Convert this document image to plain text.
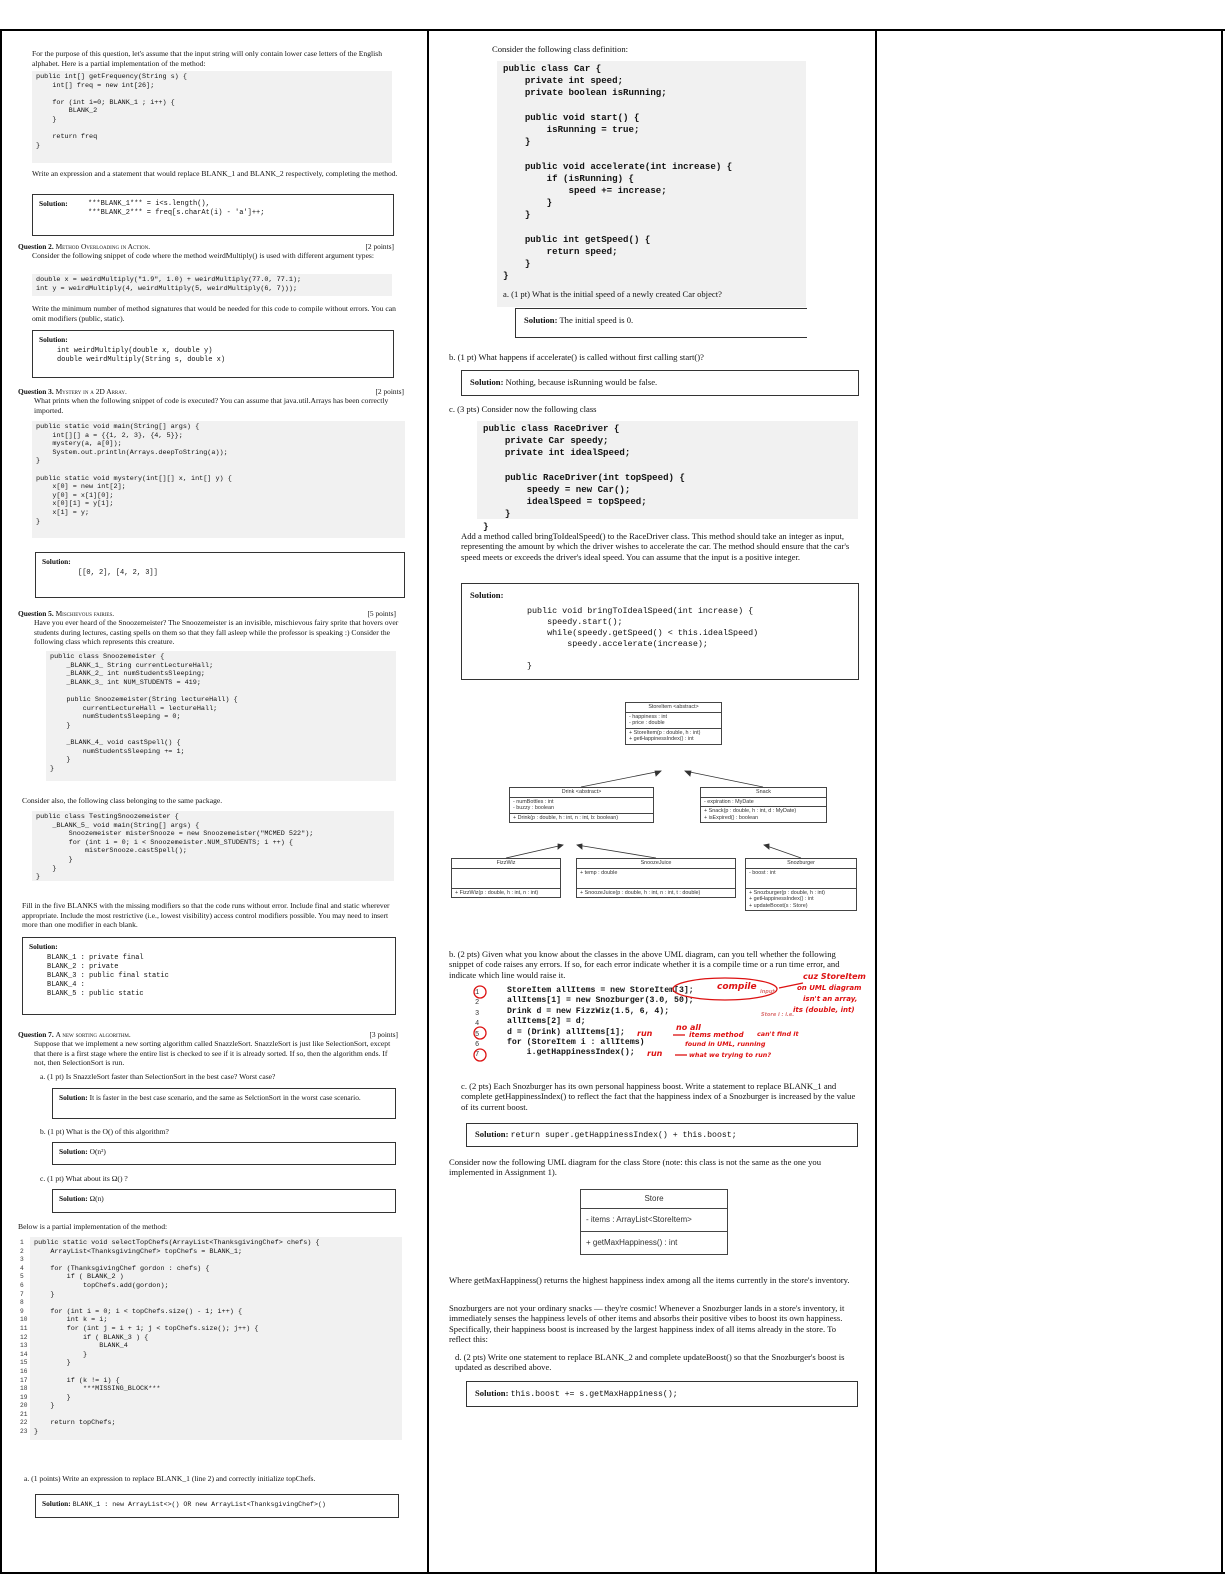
For the purpose of this question, let's assume that the input string will only contain lower case letters of the English alphabet. Here is a partial implementation of the method:
public int[] getFrequency(String s) {
int[] freq = new int[26];

for (int i=0; BLANK_1 ; i++) {
BLANK_2
}

return freq
}
Write an expression and a statement that would replace BLANK_1 and BLANK_2 respectively, completing the method.
Solution:	***BLANK_1*** = i<s.length(),
***BLANK_2*** = freq[s.charAt(i) - 'a']++;
Question 2. Method Overloading in Action.	[2 points]
Consider the following snippet of code where the method weirdMultiply() is used with different argument types:
double x = weirdMultiply("1.9", 1.0) + weirdMultiply(77.0, 77.1);
int y = weirdMultiply(4, weirdMultiply(5, weirdMultiply(6, 7)));
Write the minimum number of method signatures that would be needed for this code to compile without errors. You can omit modifiers (public, static).
Solution:
int weirdMultiply(double x, double y)
double weirdMultiply(String s, double x)
Question 3. Mystery in a 2D Array.	[2 points]
What prints when the following snippet of code is executed? You can assume that java.util.Arrays has been correctly imported.
public static void main(String[] args) {
int[][] a = {{1, 2, 3}, {4, 5}};
mystery(a, a[0]);
System.out.println(Arrays.deepToString(a));
}

public static void mystery(int[][] x, int[] y) {
x[0] = new int[2];
y[0] = x[1][0];
x[0][1] = y[1];
x[1] = y;
}
Solution:
[[0, 2], [4, 2, 3]]
Question 5. Mischievous fairies.	[5 points]
Have you ever heard of the Snoozemeister? The Snoozemeister is an invisible, mischievous fairy sprite that hovers over students during lectures, casting spells on them so that they fall asleep while the professor is speaking :) Consider the following class which represents this creature.
public class Snoozemeister {
_BLANK_1_ String currentLectureHall;
_BLANK_2_ int numStudentsSleeping;
_BLANK_3_ int NUM_STUDENTS = 419;

public Snoozemeister(String lectureHall) {
currentLectureHall = lectureHall;
numStudentsSleeping = 0;
}

_BLANK_4_ void castSpell() {
numStudentsSleeping += 1;
}
}
Consider also, the following class belonging to the same package.
public class TestingSnoozemeister {
_BLANK_5_ void main(String[] args) {
Snoozemeister misterSnooze = new Snoozemeister("MCMED 522");
for (int i = 0; i < Snoozemeister.NUM_STUDENTS; i ++) {
misterSnooze.castSpell();
}
}
}
Fill in the five BLANKS with the missing modifiers so that the code runs without error. Include final and static wherever appropriate. Include the most restrictive (i.e., lowest visibility) access control modifiers possible. You may need to insert more than one modifier in each blank.
Solution:
BLANK_1 : private final
BLANK_2 : private
BLANK_3 : public final static
BLANK_4 :
BLANK_5 : public static
Question 7. A new sorting algorithm.	[3 points]
Suppose that we implement a new sorting algorithm called SnazzleSort. SnazzleSort is just like SelectionSort, except that there is a first stage where the entire list is checked to see if it is already sorted. If so, then the algorithm ends. If not, then SelectionSort is run.
a. (1 pt) Is SnazzleSort faster than SelectionSort in the best case? Worst case?
Solution: It is faster in the best case scenario, and the same as SelctionSort in the worst case scenario.
b. (1 pt) What is the O() of this algorithm?
Solution: O(n²)
c. (1 pt) What about its Ω() ?
Solution: Ω(n)
Below is a partial implementation of the method:
1
2
3
4
5
6
7
8
9
10
11
12
13
14
15
16
17
18
19
20
21
22
23
public static void selectTopChefs(ArrayList<ThanksgivingChef> chefs) {
ArrayList<ThanksgivingChef> topChefs = BLANK_1;

for (ThanksgivingChef gordon : chefs) {
if ( BLANK_2 )
topChefs.add(gordon);
}

for (int i = 0; i < topChefs.size() - 1; i++) {
int k = i;
for (int j = i + 1; j < topChefs.size(); j++) {
if ( BLANK_3 ) {
BLANK_4
}
}

if (k != i) {
***MISSING_BLOCK***
}
}

return topChefs;
}
a. (1 points) Write an expression to replace BLANK_1 (line 2) and correctly initialize topChefs.
Solution: BLANK_1 : new ArrayList<>() OR new ArrayList<ThanksgivingChef>()
Consider the following class definition:
public class Car {
private int speed;
private boolean isRunning;

public void start() {
isRunning = true;
}

public void accelerate(int increase) {
if (isRunning) {
speed += increase;
}
}

public int getSpeed() {
return speed;
}
}
a. (1 pt) What is the initial speed of a newly created Car object?
Solution: The initial speed is 0.
b. (1 pt) What happens if accelerate() is called without first calling start()?
Solution: Nothing, because isRunning would be false.
c. (3 pts) Consider now the following class
public class RaceDriver {
private Car speedy;
private int idealSpeed;

public RaceDriver(int topSpeed) {
speedy = new Car();
idealSpeed = topSpeed;
}
}
Add a method called bringToIdealSpeed() to the RaceDriver class. This method should take an integer as input, representing the amount by which the driver wishes to accelerate the car. The method should ensure that the car's speed meets or exceeds the driver's ideal speed. You can assume that the input is a positive integer.
Solution:
public void bringToIdealSpeed(int increase) {
speedy.start();
while(speedy.getSpeed() < this.idealSpeed)
speedy.accelerate(increase);

}
StoreItem <abstract>
- happiness : int
- price : double
+ StoreItem(p : double, h : int)
+ getHappinessIndex() : int
Drink <abstract>
- numBottles : int
- buzzy : boolean
+ Drink(p : double, h : int, n : int, b: boolean)
Snack
- expiration : MyDate
+ Snack(p : double, h : int, d : MyDate)
+ isExpired() : boolean
FizzWiz
+ FizzWiz(p : double, h : int, n : int)
SnoozeJuice
+ temp : double
+ SnoozeJuice(p : double, h : int, n : int, t : double)
Snozburger
- boost : int
+ Snozburger(p : double, h : int)
+ getHappinessIndex() : int
+ updateBoost(s : Store)
b. (2 pts) Given what you know about the classes in the above UML diagram, can you tell whether the following snippet of code raises any errors. If so, for each error indicate whether it is a compile time or a run time error, and indicate which line would raise it.
1
2
3
4
5
6
7
StoreItem allItems = new StoreItem[3];
allItems[1] = new Snozburger(3.0, 50);
Drink d = new FizzWiz(1.5, 6, 4);
allItems[2] = d;
d = (Drink) allItems[1];
for (StoreItem i : allItems)
i.getHappinessIndex();
compile
cuz StoreItem
on UML diagram
isn't an array,
its (double, int)
input
Store i : i.e.
run
no all
items method
found in UML, running
can't find it
run	what we trying to run?
c. (2 pts) Each Snozburger has its own personal happiness boost. Write a statement to replace BLANK_1 and complete getHappinessIndex() to reflect the fact that the happiness index of a Snozburger is increased by the value of its current boost.
Solution: return super.getHappinessIndex() + this.boost;
Consider now the following UML diagram for the class Store (note: this class is not the same as the one you implemented in Assignment 1).
Store
- items : ArrayList<StoreItem>
+ getMaxHappiness() : int
Where getMaxHappiness() returns the highest happiness index among all the items currently in the store's inventory.
Snozburgers are not your ordinary snacks — they're cosmic! Whenever a Snozburger lands in a store's inventory, it immediately senses the happiness levels of other items and absorbs their positive vibes to boost its own happiness. Specifically, their happiness boost is increased by the largest happiness index of all items already in the store. To reflect this:
d. (2 pts) Write one statement to replace BLANK_2 and complete updateBoost() so that the Snozburger's boost is updated as described above.
Solution: this.boost += s.getMaxHappiness();
